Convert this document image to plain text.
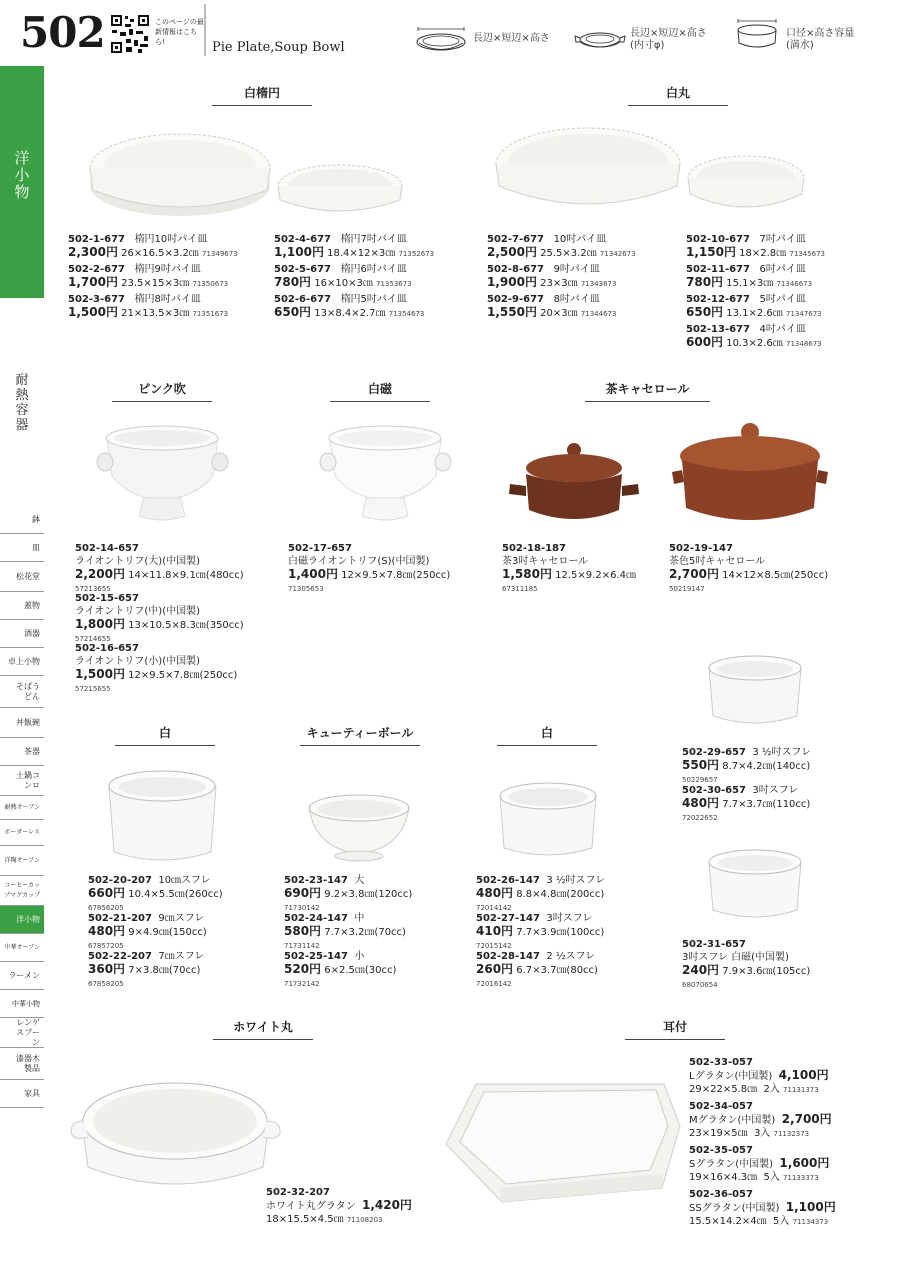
502	このページの最新情報はこちら!	Pie Plate,Soup Bowl
長辺×短辺×高さ	長辺×短辺×高さ(内寸φ)
口径×高さ容量(満水)
洋小物
耐熱容器
鉢
皿
松花堂
蓋物
酒器
卓上小物
そばうどん
丼飯碗
茶器
土鍋コンロ
耐熱オーブン
ボーダーレス
洋陶オーブン
コーヒーカップマグカップ
洋小物
中華オーブン
ラーメン
中華小物
レンゲスプーン
漆器木製品
家具
白楕円	白丸
ピンク吹	白磁	茶キャセロール
白	キューティーボール	白
ホワイト丸	耳付
502-1-677 楕円10吋パイ皿
2,300円 26×16.5×3.2㎝ 71349673
502-2-677 楕円9吋パイ皿
1,700円 23.5×15×3㎝ 71350673
502-3-677 楕円8吋パイ皿
1,500円 21×13.5×3㎝ 71351673
502-4-677 楕円7吋パイ皿
1,100円 18.4×12×3㎝ 71352673
502-5-677 楕円6吋パイ皿
780円 16×10×3㎝ 71353673
502-6-677 楕円5吋パイ皿
650円 13×8.4×2.7㎝ 71354673
502-7-677 10吋パイ皿
2,500円 25.5×3.2㎝ 71342673
502-8-677 9吋パイ皿
1,900円 23×3㎝ 71343673
502-9-677 8吋パイ皿
1,550円 20×3㎝ 71344673
502-10-677 7吋パイ皿
1,150円 18×2.8㎝ 71345673
502-11-677 6吋パイ皿
780円 15.1×3㎝ 71346673
502-12-677 5吋パイ皿
650円 13.1×2.6㎝ 71347673
502-13-677 4吋パイ皿
600円 10.3×2.6㎝ 71348673
502-14-657
ライオントリフ(大)(中国製)
2,200円 14×11.8×9.1㎝(480cc)
57213655
502-15-657
ライオントリフ(中)(中国製)
1,800円 13×10.5×8.3㎝(350cc)
57214655
502-16-657
ライオントリフ(小)(中国製)
1,500円 12×9.5×7.8㎝(250cc)
57215655
502-17-657
白磁ライオントリフ(S)(中国製)
1,400円 12×9.5×7.8㎝(250cc)
71305653
502-18-187
茶3吋キャセロール
1,580円 12.5×9.2×6.4㎝
67311185
502-19-147
茶色5吋キャセロール
2,700円 14×12×8.5㎝(250cc)
50219147
502-29-657 3 ½吋スフレ
550円 8.7×4.2㎝(140cc)
50229657
502-30-657 3吋スフレ
480円 7.7×3.7㎝(110cc)
72022652
502-31-657
3吋スフレ 白磁(中国製)
240円 7.9×3.6㎝(105cc)
68070654
502-20-207 10㎝スフレ
660円 10.4×5.5㎝(260cc)
67856205
502-21-207 9㎝スフレ
480円 9×4.9㎝(150cc)
67857205
502-22-207 7㎝スフレ
360円 7×3.8㎝(70cc)
67858205
502-23-147 大
690円 9.2×3.8㎝(120cc)
71730142
502-24-147 中
580円 7.7×3.2㎝(70cc)
71731142
502-25-147 小
520円 6×2.5㎝(30cc)
71732142
502-26-147 3 ½吋スフレ
480円 8.8×4.8㎝(200cc)
72014142
502-27-147 3吋スフレ
410円 7.7×3.9㎝(100cc)
72015142
502-28-147 2 ½スフレ
260円 6.7×3.7㎝(80cc)
72016142
502-32-207
ホワイト丸グラタン 1,420円
18×15.5×4.5㎝ 71108203
502-33-057
Lグラタン(中国製) 4,100円
29×22×5.8㎝ 2入 71131373
502-34-057
Mグラタン(中国製) 2,700円
23×19×5㎝ 3入 71132373
502-35-057
Sグラタン(中国製) 1,600円
19×16×4.3㎝ 5入 71133373
502-36-057
SSグラタン(中国製) 1,100円
15.5×14.2×4㎝ 5入 71134373
